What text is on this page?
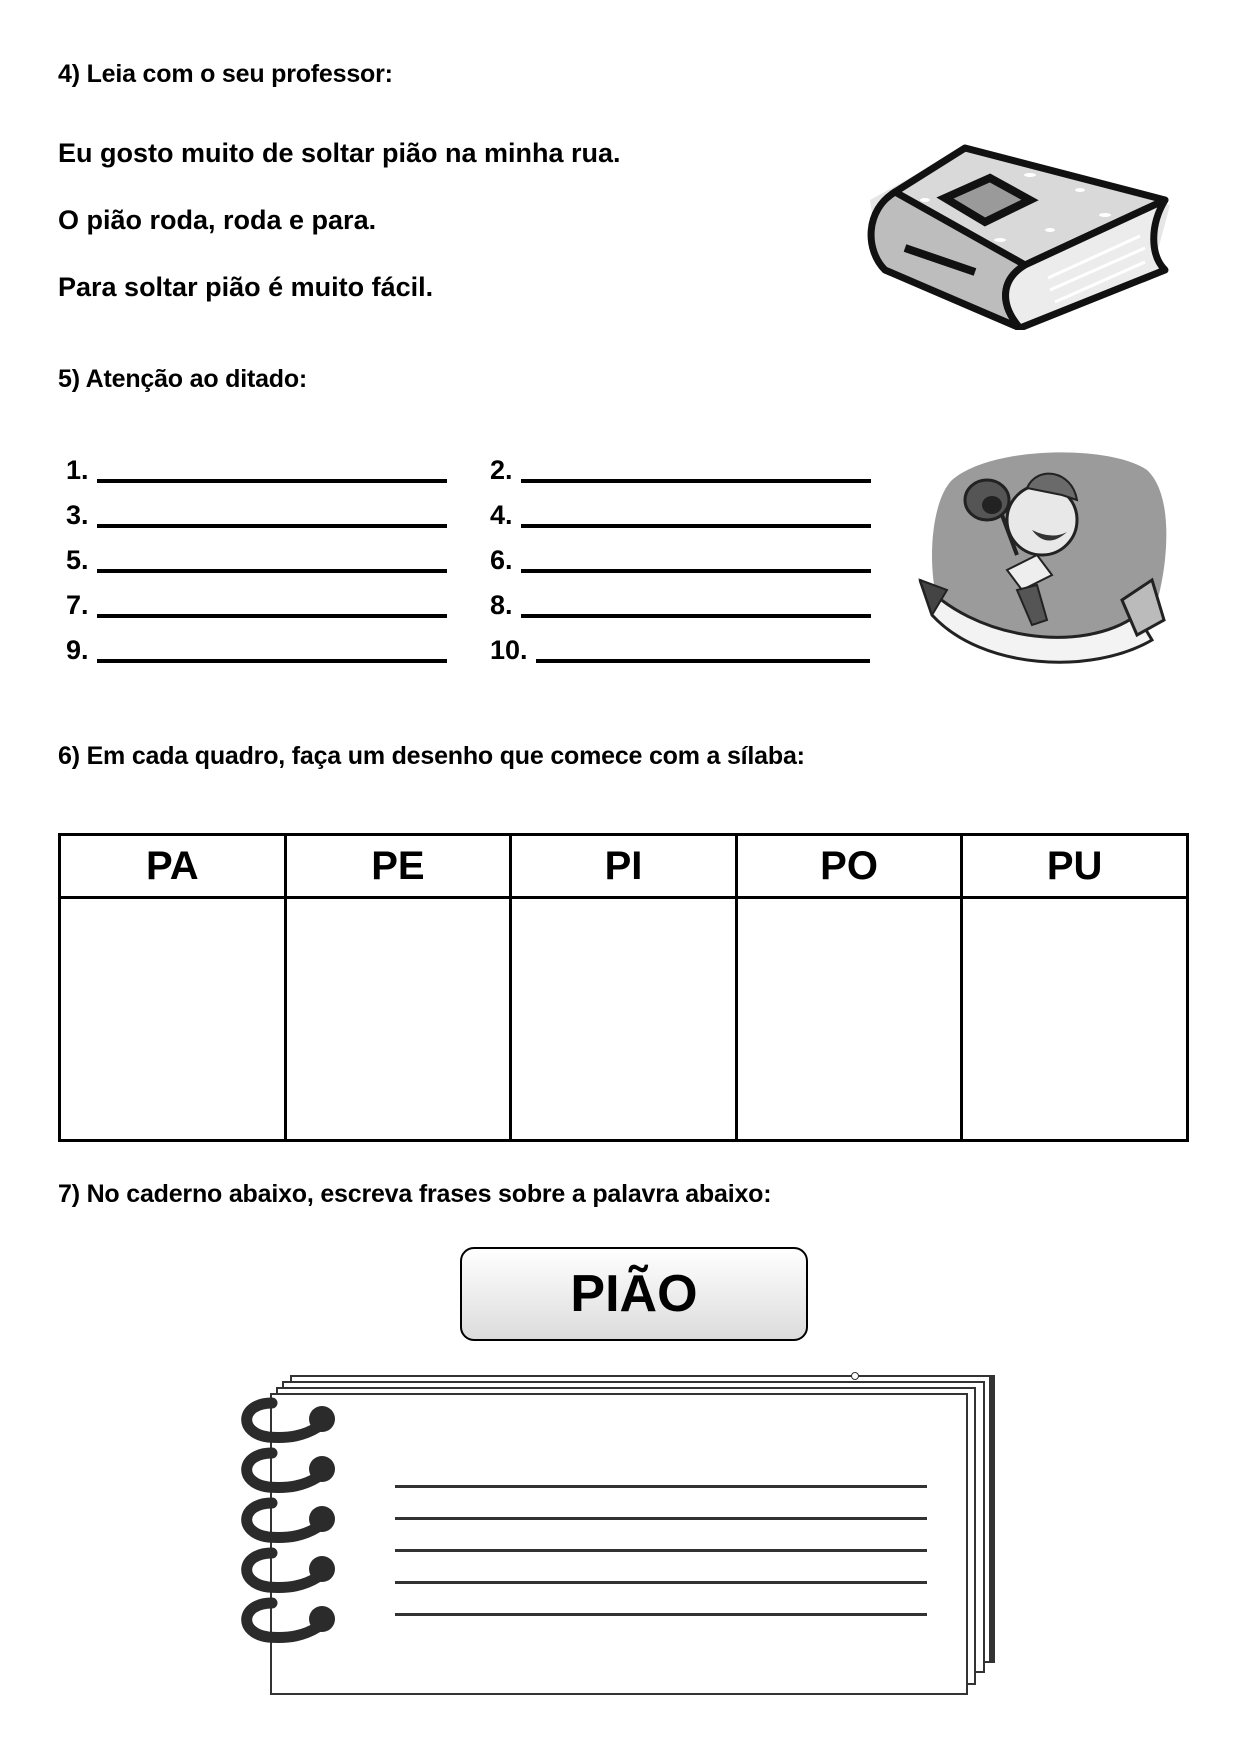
4) Leia com o seu professor:
Eu gosto muito de soltar pião na minha rua.
O pião roda, roda e para.
Para soltar pião é muito fácil.
5) Atenção ao ditado:
1.	2.
3.	4.
5.	6.
7.	8.
9.	10.
6) Em cada quadro, faça um desenho que comece com a sílaba:
PA	PE	PI	PO	PU
7) No caderno abaixo, escreva frases sobre a palavra abaixo:
PIÃO
